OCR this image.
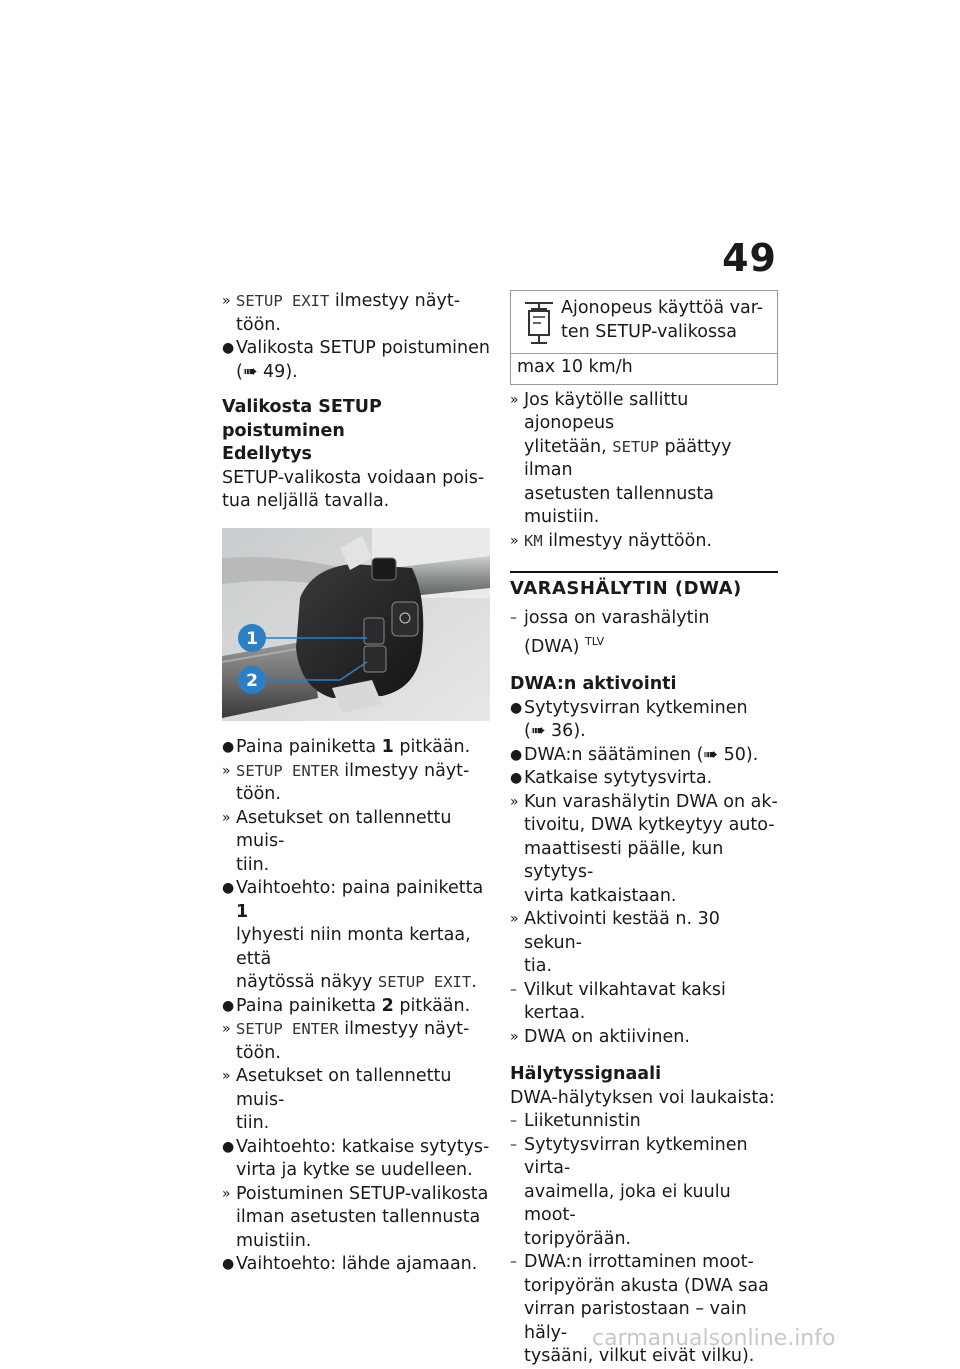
49
» SETUP EXIT ilmestyy näyt-
töön.
● Valikosta SETUP poistuminen
(➠ 49).
Valikosta SETUP poistuminen
Edellytys
SETUP-valikosta voidaan pois-
tua neljällä tavalla.
1
2
● Paina painiketta 1 pitkään.
» SETUP ENTER ilmestyy näyt-
töön.
» Asetukset on tallennettu muis-
tiin.
● Vaihtoehto: paina painiketta 1
lyhyesti niin monta kertaa, että
näytössä näkyy SETUP EXIT.
● Paina painiketta 2 pitkään.
» SETUP ENTER ilmestyy näyt-
töön.
» Asetukset on tallennettu muis-
tiin.
● Vaihtoehto: katkaise sytytys-
virta ja kytke se uudelleen.
» Poistuminen SETUP-valikosta
ilman asetusten tallennusta
muistiin.
● Vaihtoehto: lähde ajamaan.
Ajonopeus käyttöä var-
ten SETUP-valikossa
max 10 km/h
» Jos käytölle sallittu ajonopeus
ylitetään, SETUP päättyy ilman
asetusten tallennusta muistiin.
» KM ilmestyy näyttöön.
VARASHÄLYTIN (DWA)
– jossa on varashälytin
(DWA) $^{TLV}$
DWA:n aktivointi
● Sytytysvirran kytkeminen
(➠ 36).
● DWA:n säätäminen (➠ 50).
● Katkaise sytytysvirta.
» Kun varashälytin DWA on ak-
tivoitu, DWA kytkeytyy auto-
maattisesti päälle, kun sytytys-
virta katkaistaan.
» Aktivointi kestää n. 30 sekun-
tia.
– Vilkut vilkahtavat kaksi kertaa.
» DWA on aktiivinen.
Hälytyssignaali
DWA-hälytyksen voi laukaista:
– Liiketunnistin
– Sytytysvirran kytkeminen virta-
avaimella, joka ei kuulu moot-
toripyörään.
– DWA:n irrottaminen moot-
toripyörän akusta (DWA saa
virran paristostaan – vain häly-
tysääni, vilkut eivät vilku).
carmanualsonline.info
